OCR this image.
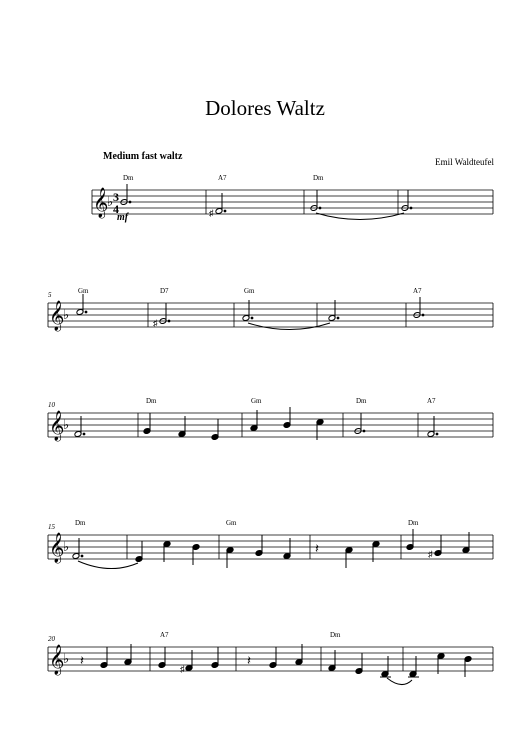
Dolores Waltz
Medium fast waltz	Emil Waldteufel
𝄞
♭ 3
4
mf
Dm	A7	Dm
♯
5
𝄞
♭
Gm	D7	Gm	A7
♯
10
𝄞
♭
Dm	Gm	Dm	A7
15
𝄞
♭
Dm	Gm	Dm
𝄽	♯
20
𝄞
♭
A7	Dm
𝄽
♯
𝄽
